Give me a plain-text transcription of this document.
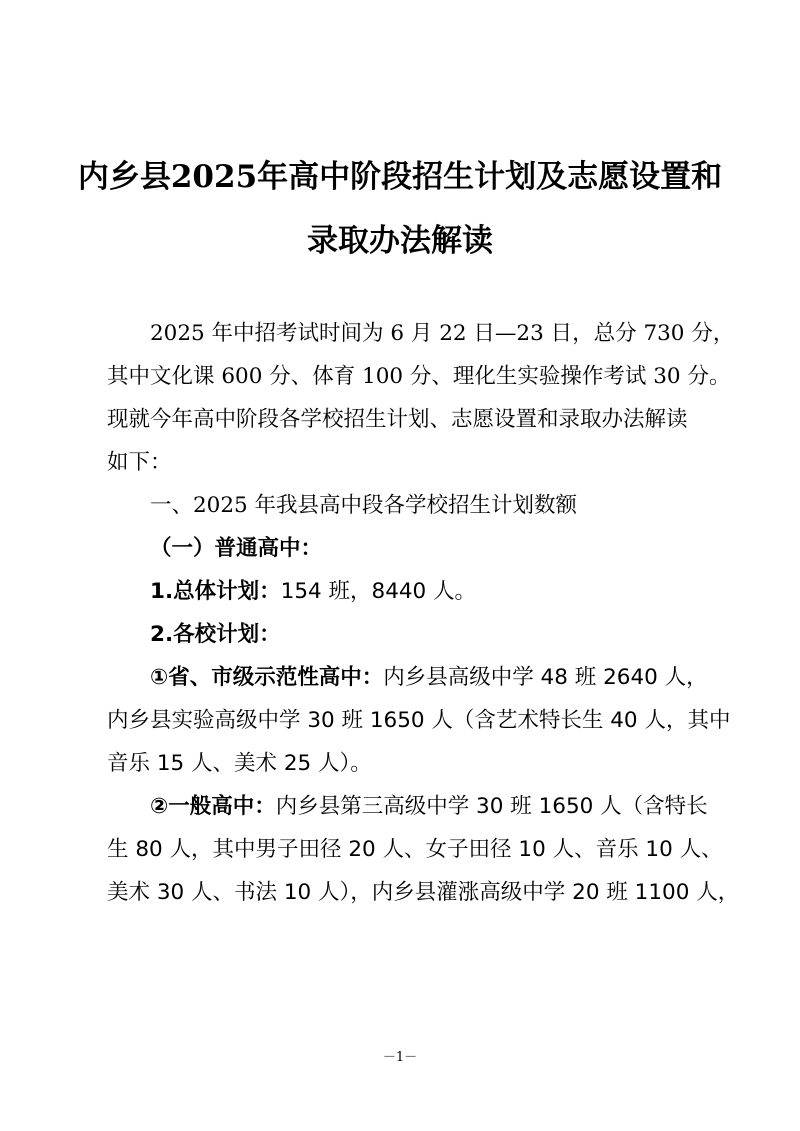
内乡县2025年高中阶段招生计划及志愿设置和
录取办法解读
2025 年中招考试时间为 6 月 22 日—23 日，总分 730 分，
其中文化课 600 分、体育 100 分、理化生实验操作考试 30 分。
现就今年高中阶段各学校招生计划、志愿设置和录取办法解读
如下：
一、2025 年我县高中段各学校招生计划数额
（一）普通高中：
1.总体计划：154 班，8440 人。
2.各校计划：
①省、市级示范性高中：内乡县高级中学 48 班 2640 人，
内乡县实验高级中学 30 班 1650 人（含艺术特长生 40 人，其中
音乐 15 人、美术 25 人）。
②一般高中：内乡县第三高级中学 30 班 1650 人（含特长
生 80 人，其中男子田径 20 人、女子田径 10 人、音乐 10 人、
美术 30 人、书法 10 人），内乡县灌涨高级中学 20 班 1100 人，
－1－
